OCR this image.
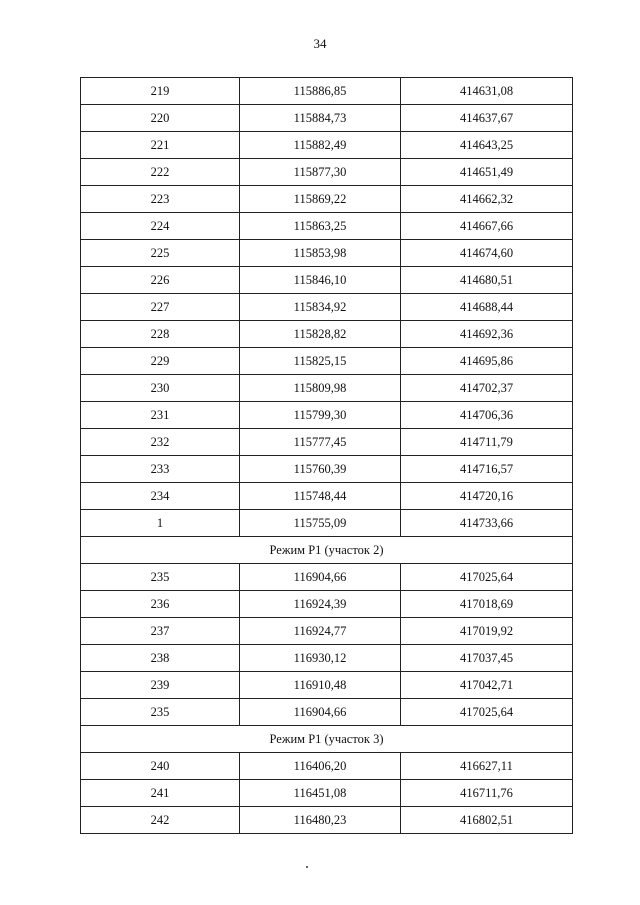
34
219	115886,85	414631,08
220	115884,73	414637,67
221	115882,49	414643,25
222	115877,30	414651,49
223	115869,22	414662,32
224	115863,25	414667,66
225	115853,98	414674,60
226	115846,10	414680,51
227	115834,92	414688,44
228	115828,82	414692,36
229	115825,15	414695,86
230	115809,98	414702,37
231	115799,30	414706,36
232	115777,45	414711,79
233	115760,39	414716,57
234	115748,44	414720,16
1	115755,09	414733,66
Режим Р1 (участок 2)		
235	116904,66	417025,64
236	116924,39	417018,69
237	116924,77	417019,92
238	116930,12	417037,45
239	116910,48	417042,71
235	116904,66	417025,64
Режим Р1 (участок 3)		
240	116406,20	416627,11
241	116451,08	416711,76
242	116480,23	416802,51
